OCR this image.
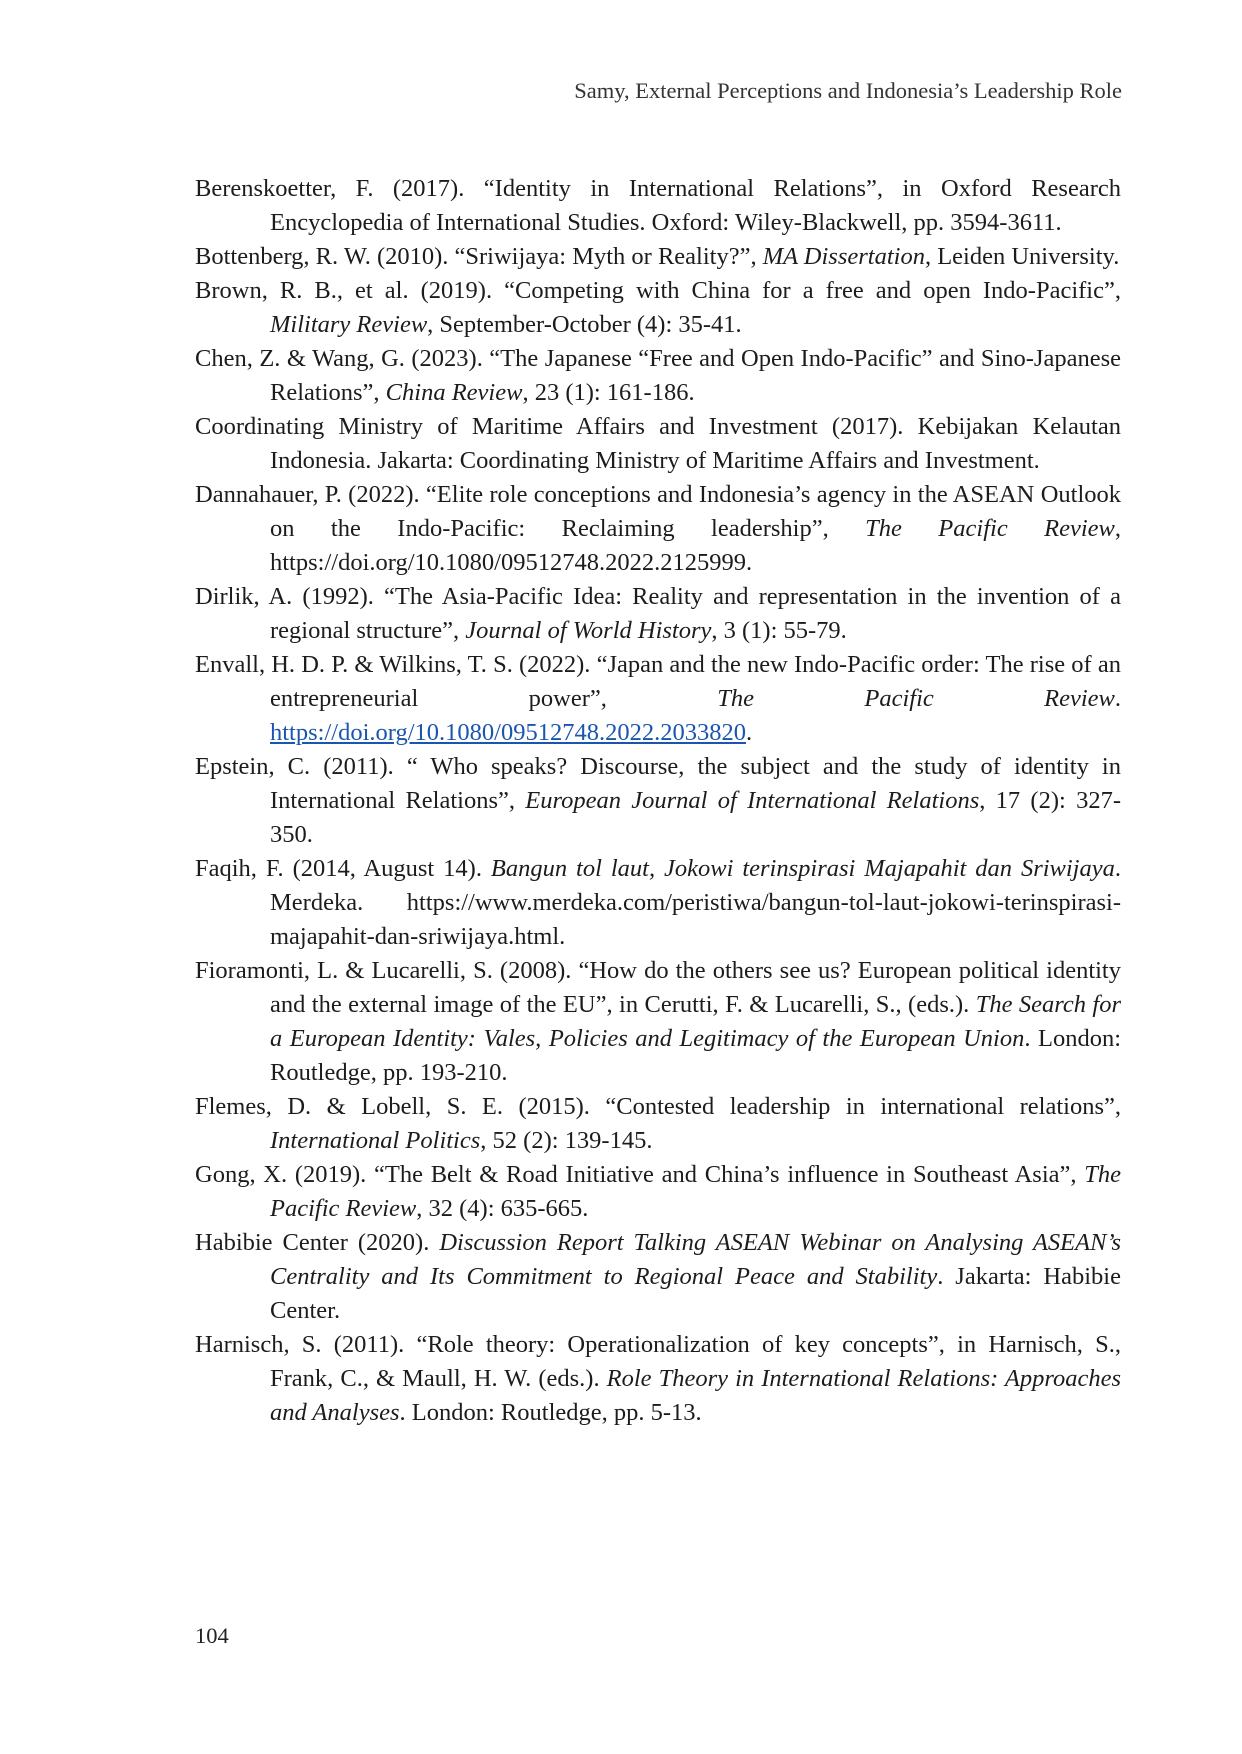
Samy, External Perceptions and Indonesia’s Leadership Role

Berenskoetter, F. (2017). “Identity in International Relations”, in Oxford Research Encyclopedia of International Studies. Oxford: Wiley-Blackwell, pp. 3594-3611.

Bottenberg, R. W. (2010). “Sriwijaya: Myth or Reality?”, MA Dissertation, Leiden University.

Brown, R. B., et al. (2019). “Competing with China for a free and open Indo-Pacific”, Military Review, September-October (4): 35-41.

Chen, Z. & Wang, G. (2023). “The Japanese “Free and Open Indo-Pacific” and Sino-Japanese Relations”, China Review, 23 (1): 161-186.

Coordinating Ministry of Maritime Affairs and Investment (2017). Kebijakan Kelautan Indonesia. Jakarta: Coordinating Ministry of Maritime Affairs and Investment.

Dannahauer, P. (2022). “Elite role conceptions and Indonesia’s agency in the ASEAN Outlook on the Indo-Pacific: Reclaiming leadership”, The Pacific Review, https://doi.org/10.1080/09512748.2022.2125999.

Dirlik, A. (1992). “The Asia-Pacific Idea: Reality and representation in the invention of a regional structure”, Journal of World History, 3 (1): 55-79.

Envall, H. D. P. & Wilkins, T. S. (2022). “Japan and the new Indo-Pacific order: The rise of an entrepreneurial power”, The Pacific Review. https://doi.org/10.1080/09512748.2022.2033820.

Epstein, C. (2011). “ Who speaks? Discourse, the subject and the study of identity in International Relations”, European Journal of International Relations, 17 (2): 327-350.

Faqih, F. (2014, August 14). Bangun tol laut, Jokowi terinspirasi Majapahit dan Sriwijaya. Merdeka. https://www.merdeka.com/peristiwa/bangun-tol-laut-jokowi-terinspirasi-majapahit-dan-sriwijaya.html.

Fioramonti, L. & Lucarelli, S. (2008). “How do the others see us? European political identity and the external image of the EU”, in Cerutti, F. & Lucarelli, S., (eds.). The Search for a European Identity: Vales, Policies and Legitimacy of the European Union. London: Routledge, pp. 193-210.

Flemes, D. & Lobell, S. E. (2015). “Contested leadership in international relations”, International Politics, 52 (2): 139-145.

Gong, X. (2019). “The Belt & Road Initiative and China’s influence in Southeast Asia”, The Pacific Review, 32 (4): 635-665.

Habibie Center (2020). Discussion Report Talking ASEAN Webinar on Analysing ASEAN’s Centrality and Its Commitment to Regional Peace and Stability. Jakarta: Habibie Center.

Harnisch, S. (2011). “Role theory: Operationalization of key concepts”, in Harnisch, S., Frank, C., & Maull, H. W. (eds.). Role Theory in International Relations: Approaches and Analyses. London: Routledge, pp. 5-13.

104
